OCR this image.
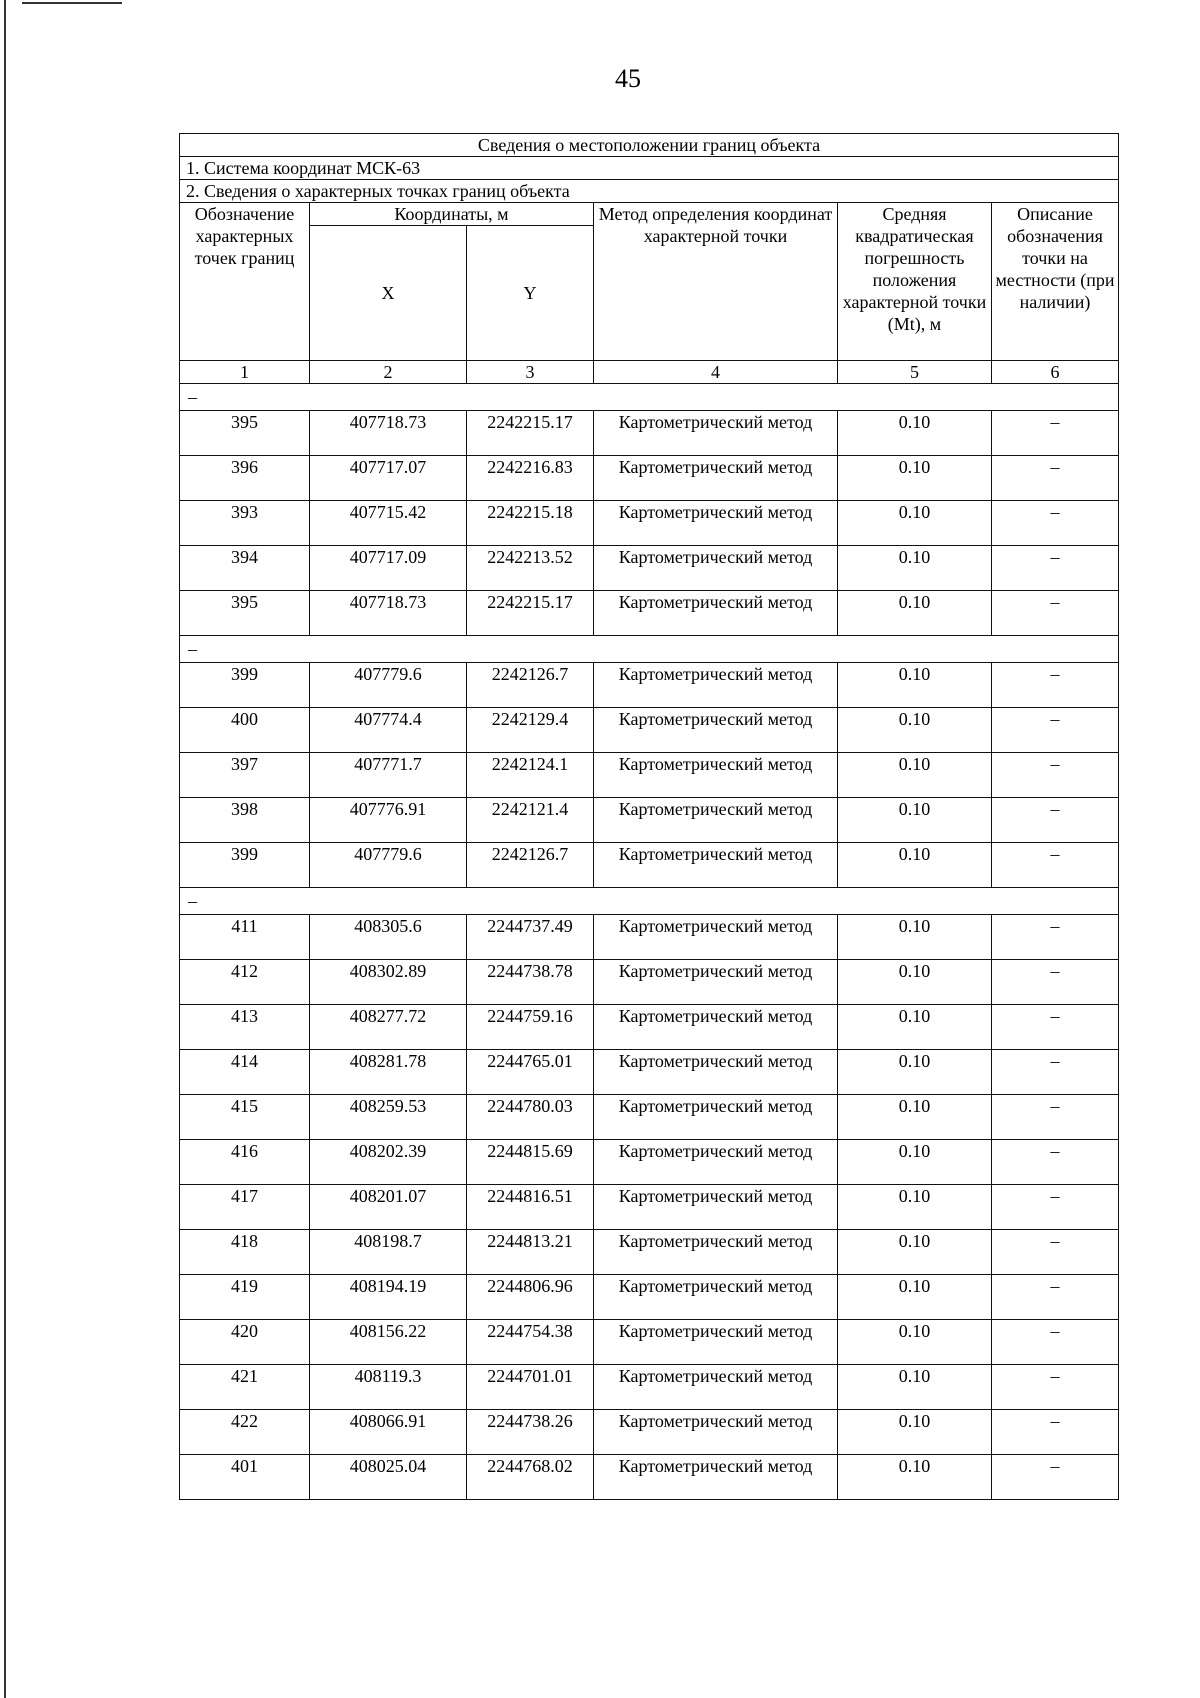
45
Сведения о местоположении границ объекта					
1. Система координат МСК-63					
2. Сведения о характерных точках границ объекта					
Обозначение характерных точек границ	Координаты, м		Метод определения координат характерной точки	Средняя квадратическая погрешность положения характерной точки (Mt), м	Описание обозначения точки на местности (при наличии)
	X	Y			
1	2	3	4	5	6
–					
395	407718.73	2242215.17	Картометрический метод	0.10	–
396	407717.07	2242216.83	Картометрический метод	0.10	–
393	407715.42	2242215.18	Картометрический метод	0.10	–
394	407717.09	2242213.52	Картометрический метод	0.10	–
395	407718.73	2242215.17	Картометрический метод	0.10	–
–					
399	407779.6	2242126.7	Картометрический метод	0.10	–
400	407774.4	2242129.4	Картометрический метод	0.10	–
397	407771.7	2242124.1	Картометрический метод	0.10	–
398	407776.91	2242121.4	Картометрический метод	0.10	–
399	407779.6	2242126.7	Картометрический метод	0.10	–
–					
411	408305.6	2244737.49	Картометрический метод	0.10	–
412	408302.89	2244738.78	Картометрический метод	0.10	–
413	408277.72	2244759.16	Картометрический метод	0.10	–
414	408281.78	2244765.01	Картометрический метод	0.10	–
415	408259.53	2244780.03	Картометрический метод	0.10	–
416	408202.39	2244815.69	Картометрический метод	0.10	–
417	408201.07	2244816.51	Картометрический метод	0.10	–
418	408198.7	2244813.21	Картометрический метод	0.10	–
419	408194.19	2244806.96	Картометрический метод	0.10	–
420	408156.22	2244754.38	Картометрический метод	0.10	–
421	408119.3	2244701.01	Картометрический метод	0.10	–
422	408066.91	2244738.26	Картометрический метод	0.10	–
401	408025.04	2244768.02	Картометрический метод	0.10	–
